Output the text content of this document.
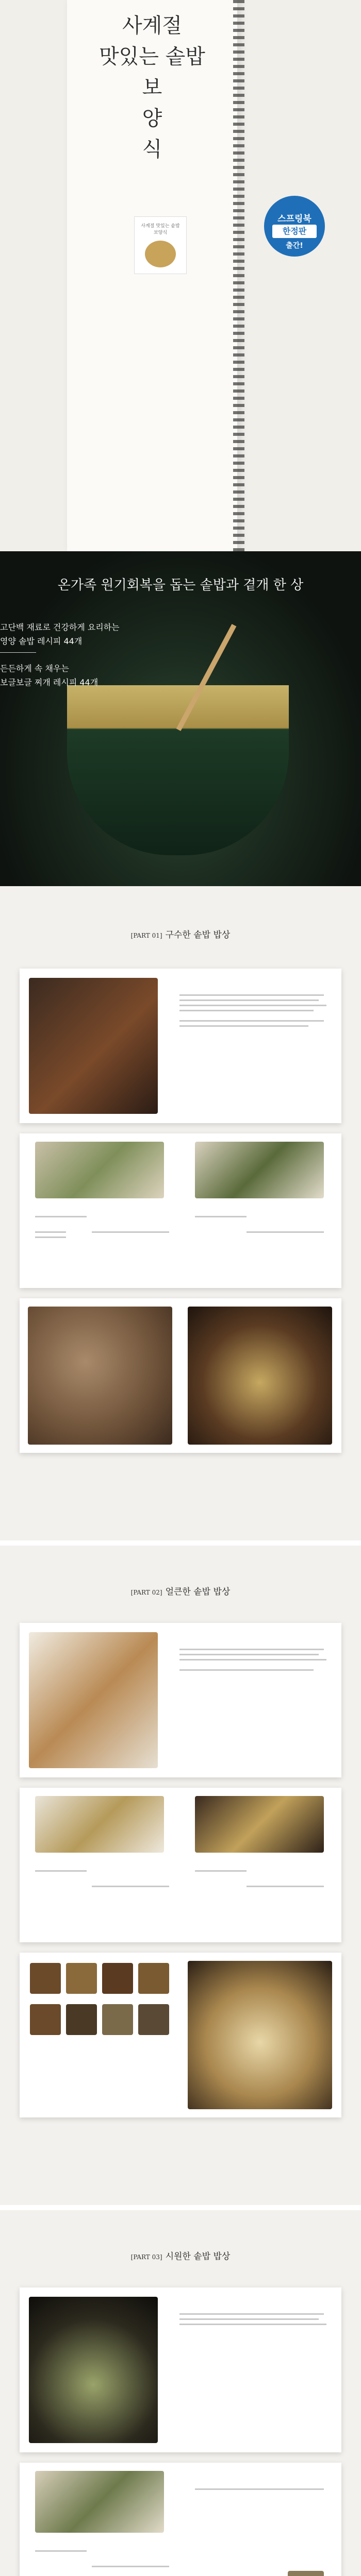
사계절
맛있는 솥밥
보
양
식
사계절 맛있는 솥밥 보양식
스프링북
한정판
출간!
온가족 원기회복을 돕는 솥밥과 곁개 한 상
고단백 재료로 건강하게 요리하는
영양 솥밥 레시피 44개
든든하게 속 채우는
보글보글 찌개 레시피 44개
[PART 01] 구수한 솥밥 밥상
[PART 02] 얼큰한 솥밥 밥상
[PART 03] 시원한 솥밥 밥상
